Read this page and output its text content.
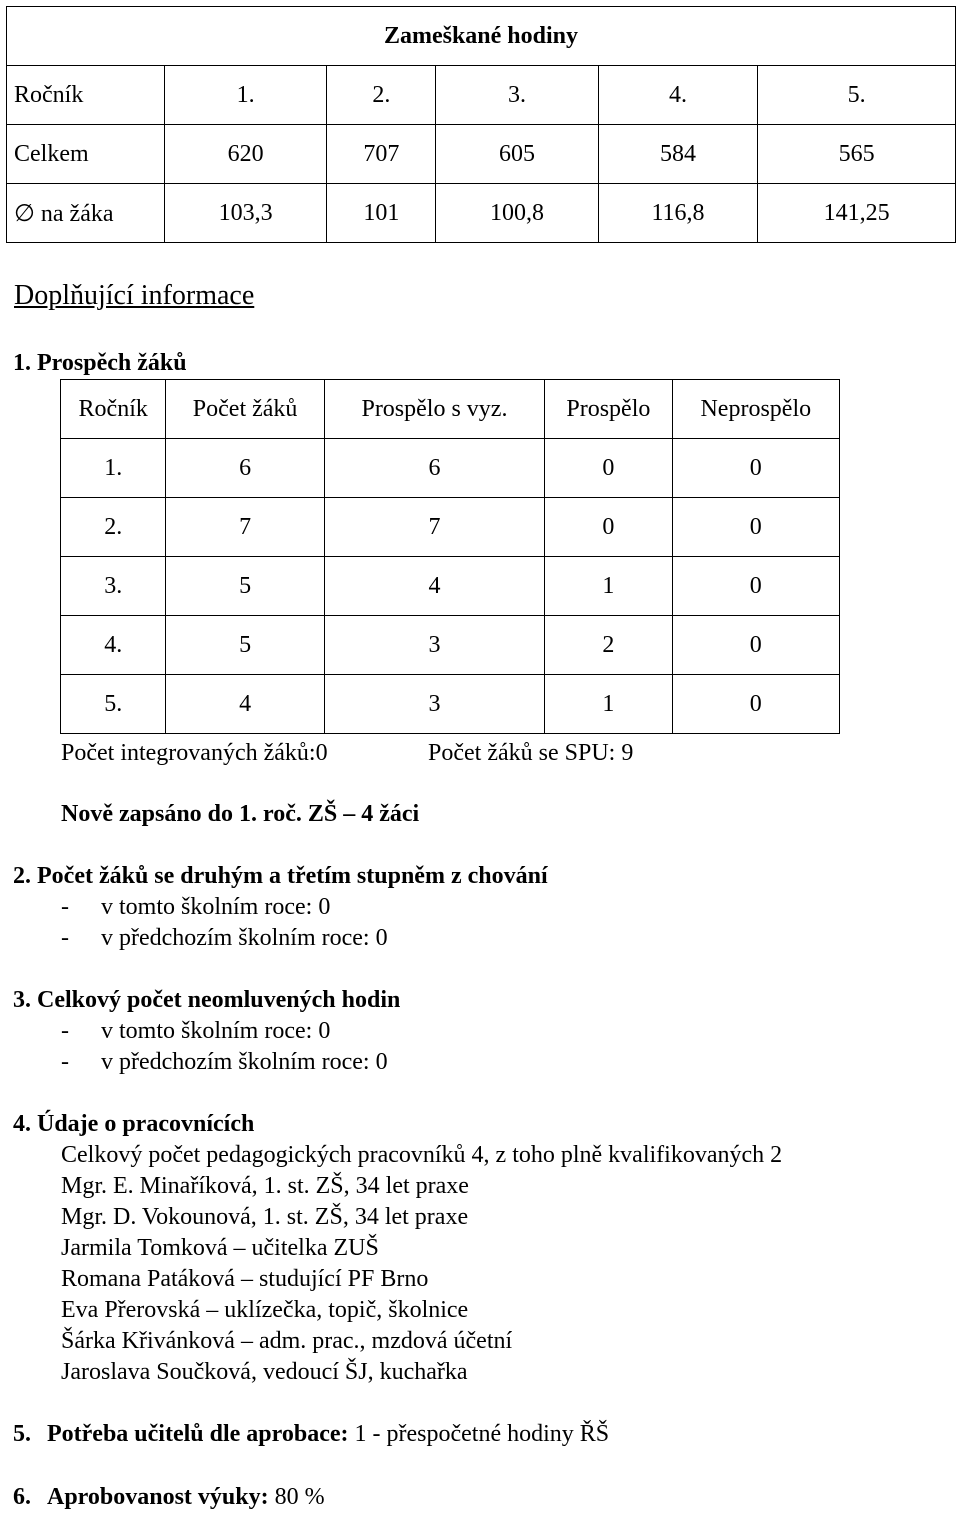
Zameškané hodiny					
Ročník	1.	2.	3.	4.	5.
Celkem	620	707	605	584	565
∅ na žáka	103,3	101	100,8	116,8	141,25
Doplňující informace
1. Prospěch žáků
Ročník	Počet žáků	Prospělo s vyz.	Prospělo	Neprospělo
1.	6	6	0	0
2.	7	7	0	0
3.	5	4	1	0
4.	5	3	2	0
5.	4	3	1	0
Počet integrovaných žáků:0	Počet žáků se SPU: 9
Nově zapsáno do 1. roč. ZŠ – 4 žáci
2. Počet žáků se druhým a třetím stupněm z chování
- v tomto školním roce: 0
- v předchozím školním roce: 0
3. Celkový počet neomluvených hodin
- v tomto školním roce: 0
- v předchozím školním roce: 0
4. Údaje o pracovnících
Celkový počet pedagogických pracovníků 4, z toho plně kvalifikovaných 2
Mgr. E. Minaříková, 1. st. ZŠ, 34 let praxe
Mgr. D. Vokounová, 1. st. ZŠ, 34 let praxe
Jarmila Tomková – učitelka ZUŠ
Romana Patáková – studující PF Brno
Eva Přerovská – uklízečka, topič, školnice
Šárka Křivánková – adm. prac., mzdová účetní
Jaroslava Součková, vedoucí ŠJ, kuchařka
5. Potřeba učitelů dle aprobace: 1 - přespočetné hodiny ŘŠ
6. Aprobovanost výuky: 80 %
